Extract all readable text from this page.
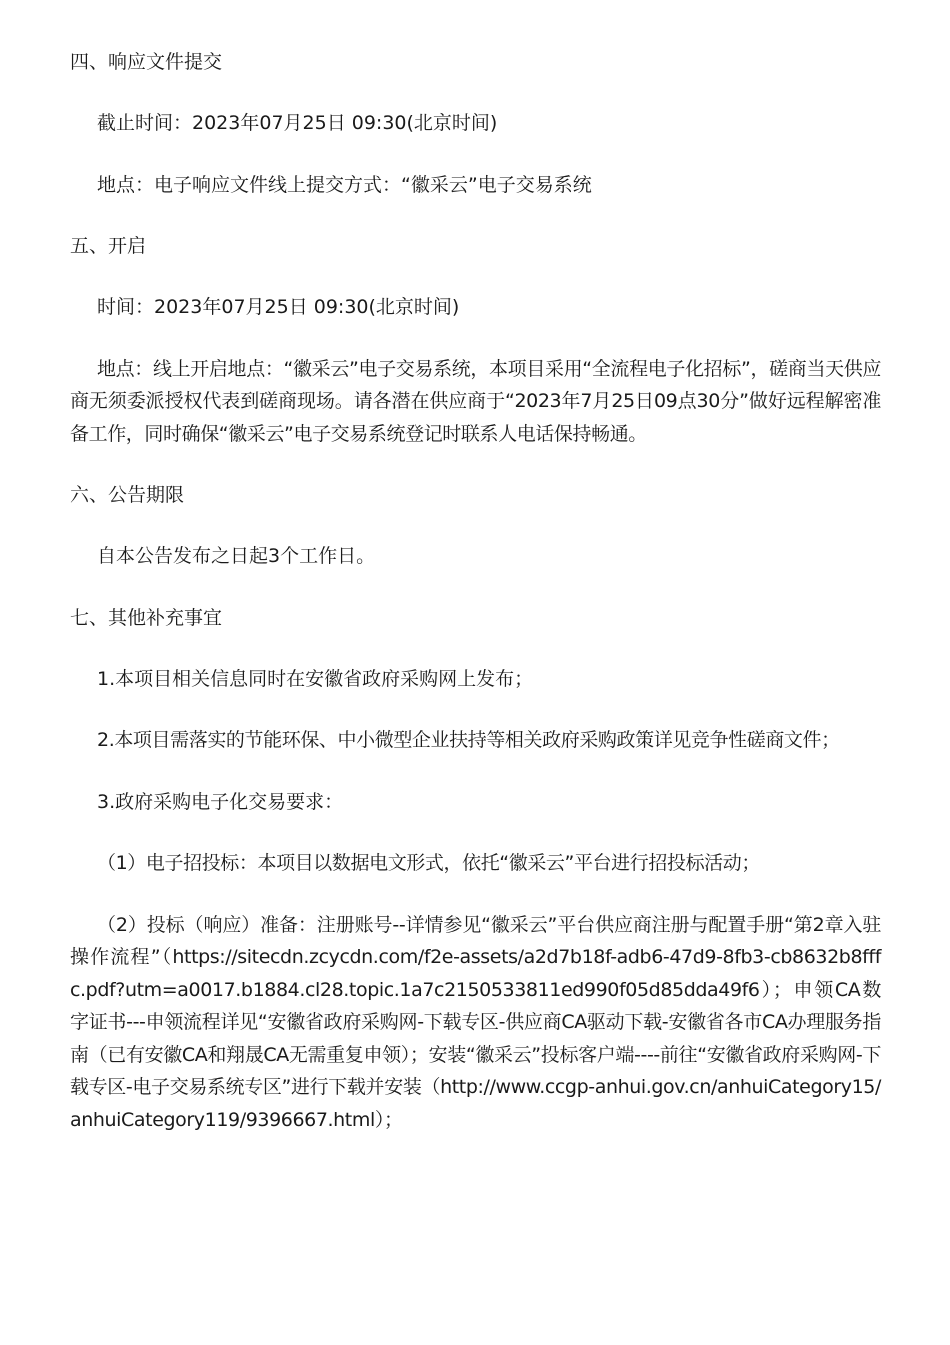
四、响应文件提交
截止时间：2023年07月25日 09:30(北京时间)
地点：电子响应文件线上提交方式：“徽采云”电子交易系统
五、开启
时间：2023年07月25日 09:30(北京时间)
地点：线上开启地点：“徽采云”电子交易系统，本项目采用“全流程电子化招标”，磋商当天供应商无须委派授权代表到磋商现场。请各潜在供应商于“2023年7月25日09点30分”做好远程解密准备工作，同时确保“徽采云”电子交易系统登记时联系人电话保持畅通。
六、公告期限
自本公告发布之日起3个工作日。
七、其他补充事宜
1.本项目相关信息同时在安徽省政府采购网上发布；
2.本项目需落实的节能环保、中小微型企业扶持等相关政府采购政策详见竞争性磋商文件；
3.政府采购电子化交易要求：
（1）电子招投标：本项目以数据电文形式，依托“徽采云”平台进行招投标活动；
（2）投标（响应）准备：注册账号--详情参见“徽采云”平台供应商注册与配置手册“第2章入驻操作流程”（https://sitecdn.zcycdn.com/f2e-assets/a2d7b18f-adb6-47d9-8fb3-cb8632b8fffc.pdf?utm=a0017.b1884.cl28.topic.1a7c2150533811ed990f05d85dda49f6）；申领CA数字证书---申领流程详见“安徽省政府采购网-下载专区-供应商CA驱动下载-安徽省各市CA办理服务指南（已有安徽CA和翔晟CA无需重复申领）；安装“徽采云”投标客户端----前往“安徽省政府采购网-下载专区-电子交易系统专区”进行下载并安装（http://www.ccgp-anhui.gov.cn/anhuiCategory15/anhuiCategory119/9396667.html）；
